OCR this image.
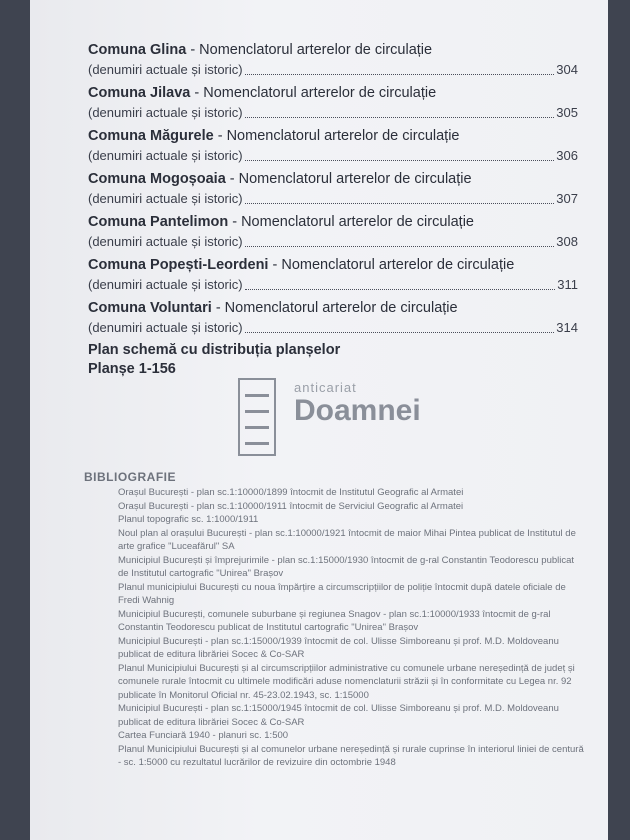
Comuna Glina - Nomenclatorul arterelor de circulație
(denumiri actuale și istoric)	304
Comuna Jilava - Nomenclatorul arterelor de circulație
(denumiri actuale și istoric)	305
Comuna Măgurele - Nomenclatorul arterelor de circulație
(denumiri actuale și istoric)	306
Comuna Mogoșoaia - Nomenclatorul arterelor de circulație
(denumiri actuale și istoric)	307
Comuna Pantelimon - Nomenclatorul arterelor de circulație
(denumiri actuale și istoric)	308
Comuna Popești-Leordeni - Nomenclatorul arterelor de circulație
(denumiri actuale și istoric)	311
Comuna Voluntari - Nomenclatorul arterelor de circulație
(denumiri actuale și istoric)	314
Plan schemă cu distribuția planșelor
Planșe 1-156
anticariat
Doamnei
BIBLIOGRAFIE
Orașul București - plan sc.1:10000/1899 întocmit de Institutul Geografic al Armatei
Orașul București - plan sc.1:10000/1911 întocmit de Serviciul Geografic al Armatei
Planul topografic sc. 1:1000/1911
Noul plan al orașului București - plan sc.1:10000/1921 întocmit de maior Mihai Pintea publicat de Institutul de arte grafice "Luceafărul" SA
Municipiul București și împrejurimile - plan sc.1:15000/1930 întocmit de g-ral Constantin Teodorescu publicat de Institutul cartografic "Unirea" Brașov
Planul municipiului București cu noua împărțire a circumscripțiilor de poliție întocmit după datele oficiale de Fredi Wahnig
Municipiul București, comunele suburbane și regiunea Snagov - plan sc.1:10000/1933 întocmit de g-ral Constantin Teodorescu publicat de Institutul cartografic "Unirea" Brașov
Municipiul București - plan sc.1:15000/1939 întocmit de col. Ulisse Simboreanu și prof. M.D. Moldoveanu publicat de editura librăriei Socec & Co-SAR
Planul Municipiului București și al circumscripțiilor administrative cu comunele urbane nereședință de județ și comunele rurale întocmit cu ultimele modificări aduse nomenclaturii străzii și în conformitate cu Legea nr. 92 publicate în Monitorul Oficial nr. 45-23.02.1943, sc. 1:15000
Municipiul București - plan sc.1:15000/1945 întocmit de col. Ulisse Simboreanu și prof. M.D. Moldoveanu publicat de editura librăriei Socec & Co-SAR
Cartea Funciară 1940 - planuri sc. 1:500
Planul Municipiului București și al comunelor urbane nereședință și rurale cuprinse în interiorul liniei de centură - sc. 1:5000 cu rezultatul lucrărilor de revizuire din octombrie 1948
